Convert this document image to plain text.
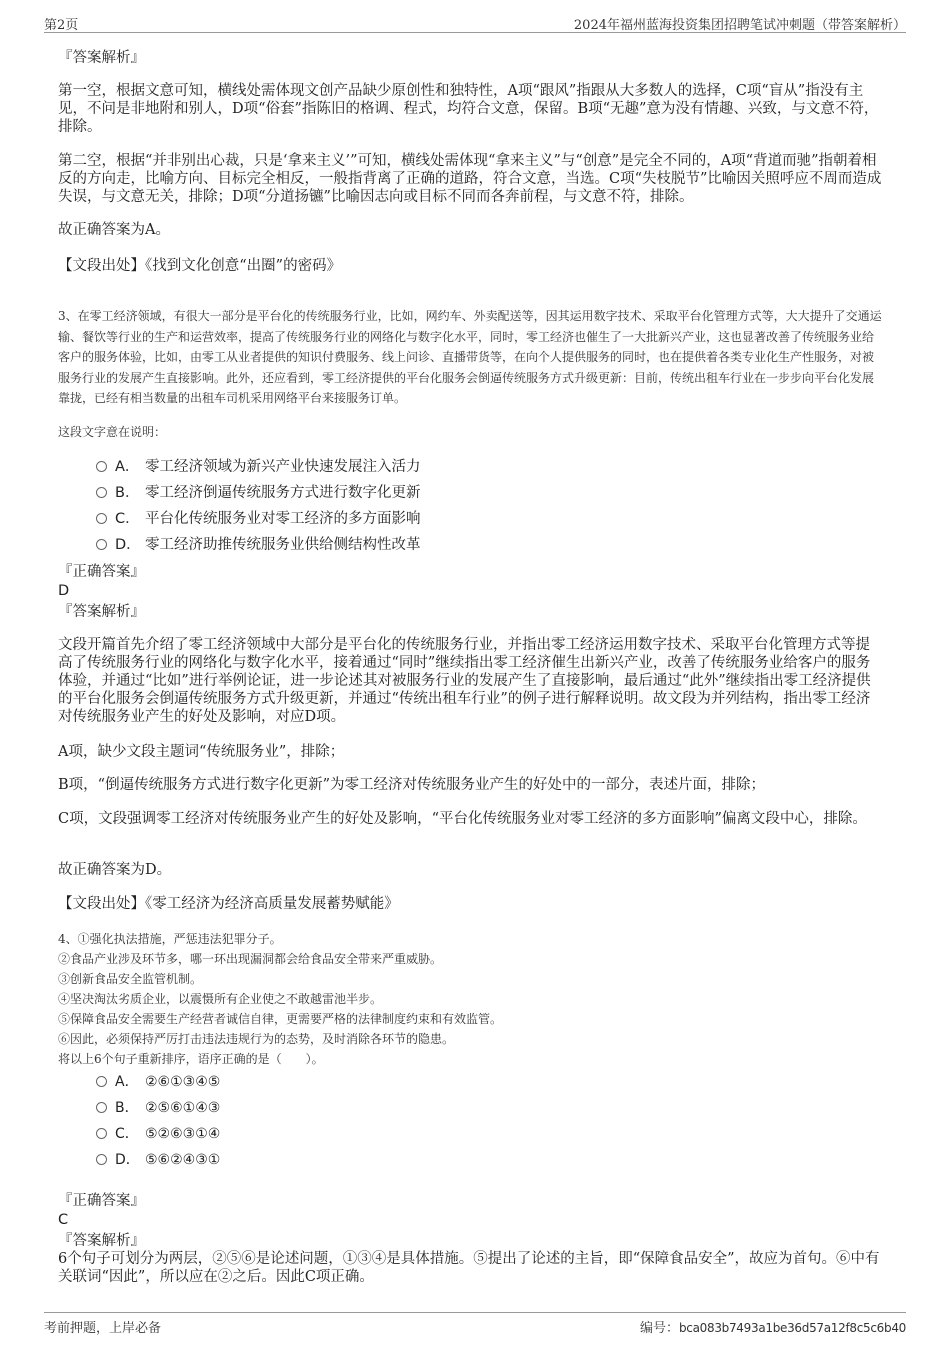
第2页	2024年福州蓝海投资集团招聘笔试冲刺题（带答案解析）

『答案解析』

第一空，根据文意可知，横线处需体现文创产品缺少原创性和独特性，A项“跟风”指跟从大多数人的选择，C项“盲从”指没有主见，不问是非地附和别人，D项“俗套”指陈旧的格调、程式，均符合文意，保留。B项“无趣”意为没有情趣、兴致，与文意不符，排除。

第二空，根据“并非别出心裁，只是‘拿来主义’”可知，横线处需体现“拿来主义”与“创意”是完全不同的，A项“背道而驰”指朝着相反的方向走，比喻方向、目标完全相反，一般指背离了正确的道路，符合文意，当选。C项“失枝脱节”比喻因关照呼应不周而造成失误，与文意无关，排除；D项“分道扬镳”比喻因志向或目标不同而各奔前程，与文意不符，排除。

故正确答案为A。

【文段出处】《找到文化创意“出圈”的密码》

3、在零工经济领域，有很大一部分是平台化的传统服务行业，比如，网约车、外卖配送等，因其运用数字技术、采取平台化管理方式等，大大提升了交通运输、餐饮等行业的生产和运营效率，提高了传统服务行业的网络化与数字化水平，同时，零工经济也催生了一大批新兴产业，这也显著改善了传统服务业给客户的服务体验，比如，由零工从业者提供的知识付费服务、线上问诊、直播带货等，在向个人提供服务的同时，也在提供着各类专业化生产性服务，对被服务行业的发展产生直接影响。此外，还应看到，零工经济提供的平台化服务会倒逼传统服务方式升级更新：目前，传统出租车行业在一步步向平台化发展靠拢，已经有相当数量的出租车司机采用网络平台来接服务订单。

这段文字意在说明：

A． 零工经济领域为新兴产业快速发展注入活力
B． 零工经济倒逼传统服务方式进行数字化更新
C． 平台化传统服务业对零工经济的多方面影响
D． 零工经济助推传统服务业供给侧结构性改革

『正确答案』

D

『答案解析』

文段开篇首先介绍了零工经济领域中大部分是平台化的传统服务行业，并指出零工经济运用数字技术、采取平台化管理方式等提高了传统服务行业的网络化与数字化水平，接着通过“同时”继续指出零工经济催生出新兴产业，改善了传统服务业给客户的服务体验，并通过“比如”进行举例论证，进一步论述其对被服务行业的发展产生了直接影响，最后通过“此外”继续指出零工经济提供的平台化服务会倒逼传统服务方式升级更新，并通过“传统出租车行业”的例子进行解释说明。故文段为并列结构，指出零工经济对传统服务业产生的好处及影响，对应D项。

A项，缺少文段主题词“传统服务业”，排除；

B项，“倒逼传统服务方式进行数字化更新”为零工经济对传统服务业产生的好处中的一部分，表述片面，排除；

C项，文段强调零工经济对传统服务业产生的好处及影响，“平台化传统服务业对零工经济的多方面影响”偏离文段中心，排除。

故正确答案为D。

【文段出处】《零工经济为经济高质量发展蓄势赋能》

4、①强化执法措施，严惩违法犯罪分子。

②食品产业涉及环节多，哪一环出现漏洞都会给食品安全带来严重威胁。

③创新食品安全监管机制。

④坚决淘汰劣质企业，以震慑所有企业使之不敢越雷池半步。

⑤保障食品安全需要生产经营者诚信自律，更需要严格的法律制度约束和有效监管。

⑥因此，必须保持严厉打击违法违规行为的态势，及时消除各环节的隐患。

将以上6个句子重新排序，语序正确的是（　　）。

A． ②⑥①③④⑤
B． ②⑤⑥①④③
C． ⑤②⑥③①④
D． ⑤⑥②④③①

『正确答案』

C

『答案解析』

6个句子可划分为两层，②⑤⑥是论述问题，①③④是具体措施。⑤提出了论述的主旨，即“保障食品安全”，故应为首句。⑥中有关联词“因此”，所以应在②之后。因此C项正确。

考前押题，上岸必备	编号：bca083b7493a1be36d57a12f8c5c6b40
